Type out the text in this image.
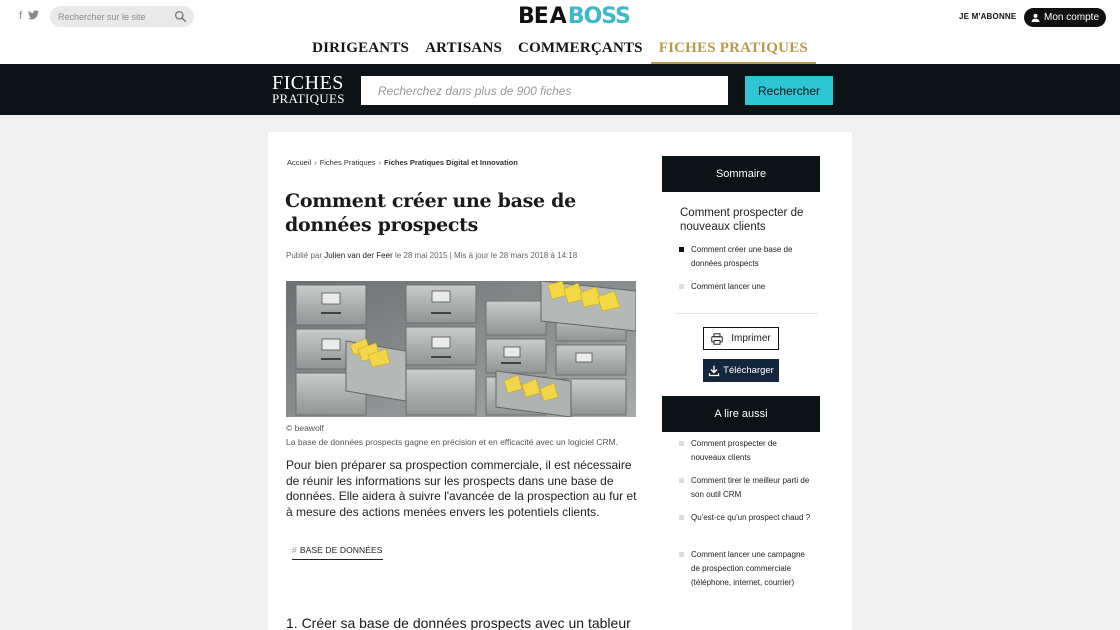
f
Rechercher sur le site	BE A BOSS	JE M'ABONNE	Mon compte
DIRIGEANTS	ARTISANS	COMMERÇANTS	FICHES PRATIQUES
FICHES
PRATIQUES
Recherchez dans plus de 900 fiches
Rechercher
Accueil › Fiches Pratiques › Fiches Pratiques Digital et Innovation
Comment créer une base de données prospects
Publié par Julien van der Feer le 28 mai 2015 | Mis à jour le 28 mars 2018 à 14:18
© beawolf
La base de données prospects gagne en précision et en efficacité avec un logiciel CRM.

Pour bien préparer sa prospection commerciale, il est nécessaire de réunir les informations sur les prospects dans une base de données. Elle aidera à suivre l'avancée de la prospection au fur et à mesure des actions menées envers les potentiels clients.

# BASE DE DONNÉES
1. Créer sa base de données prospects avec un tableur
Sommaire
Comment prospecter de nouveaux clients
Comment créer une base de données prospects
Comment lancer une
Imprimer
Télécharger
A lire aussi
Comment prospecter de nouveaux clients
Comment tirer le meilleur parti de son outil CRM
Qu'est-ce qu'un prospect chaud ?
Comment lancer une campagne de prospection commerciale (téléphone, internet, courrier)
